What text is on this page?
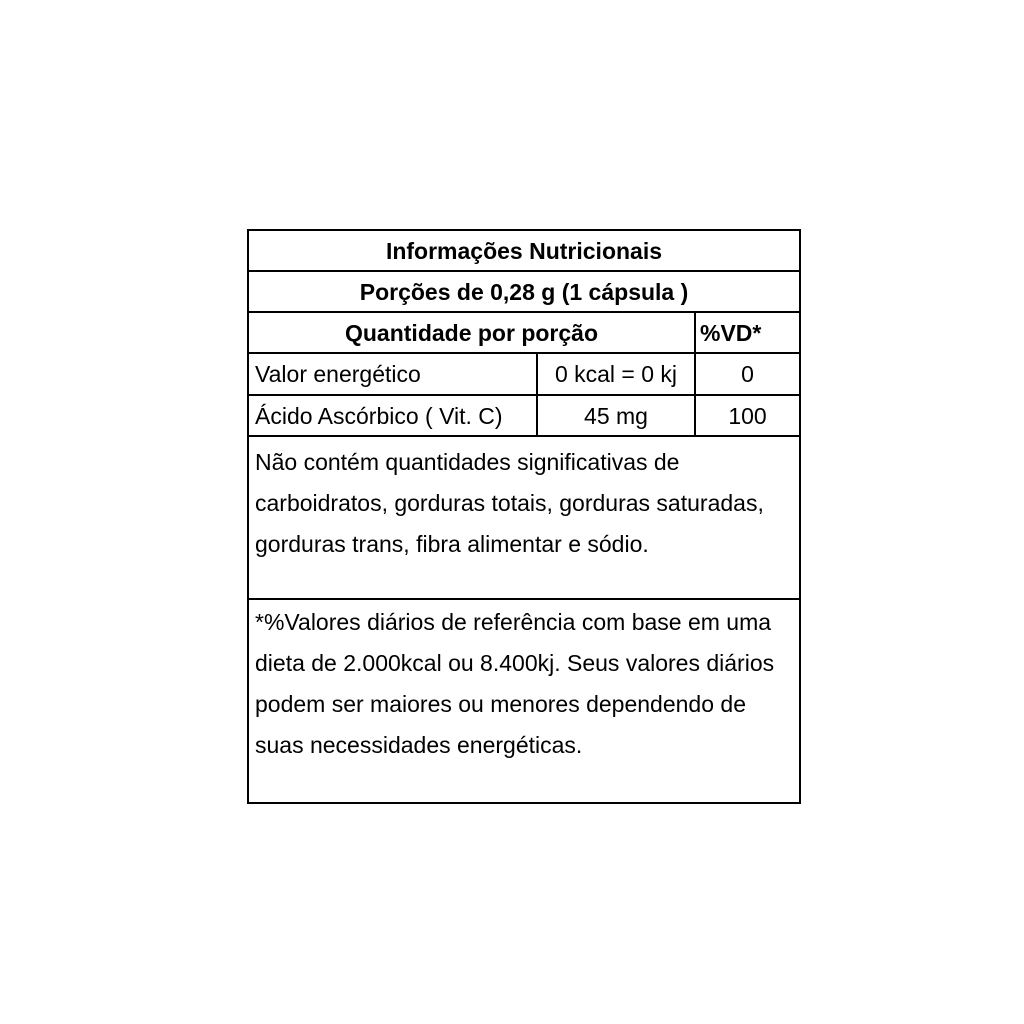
Informações Nutricionais
Porções de 0,28 g (1 cápsula )
Quantidade por porção	%VD*
Valor energético	0 kcal = 0 kj	0
Ácido Ascórbico ( Vit. C)	45 mg	100
Não contém quantidades significativas de carboidratos, gorduras totais, gorduras saturadas, gorduras trans, fibra alimentar e sódio.
*%Valores diários de referência com base em uma dieta de 2.000kcal ou 8.400kj. Seus valores diários podem ser maiores ou menores dependendo de suas necessidades energéticas.
